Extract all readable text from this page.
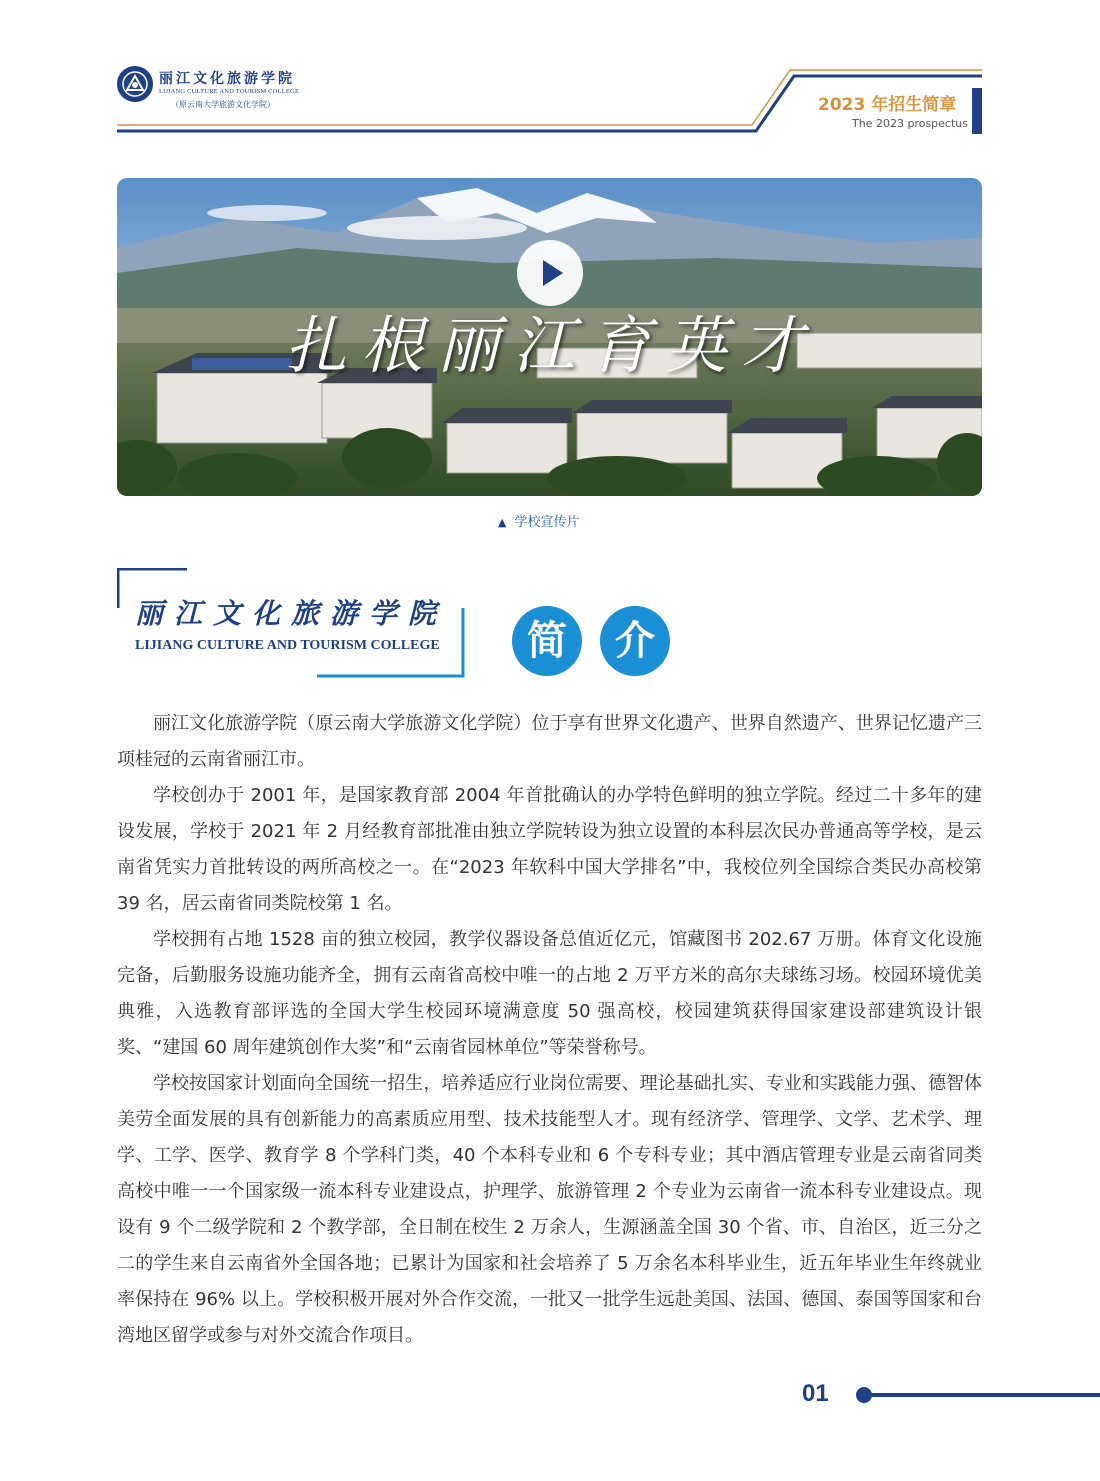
丽江文化旅游学院
LIJIANG CULTURE AND TOURISM COLLEGE
（原云南大学旅游文化学院）	2023 年招生简章
The 2023 prospectus
扎根丽江育英才
▲ 学校宣传片
丽江文化旅游学院
LIJIANG CULTURE AND TOURISM COLLEGE	简	介

丽江文化旅游学院（原云南大学旅游文化学院）位于享有世界文化遗产、世界自然遗产、世界记忆遗产三项桂冠的云南省丽江市。

学校创办于 2001 年，是国家教育部 2004 年首批确认的办学特色鲜明的独立学院。经过二十多年的建设发展，学校于 2021 年 2 月经教育部批准由独立学院转设为独立设置的本科层次民办普通高等学校，是云南省凭实力首批转设的两所高校之一。在“2023 年软科中国大学排名”中，我校位列全国综合类民办高校第 39 名，居云南省同类院校第 1 名。

学校拥有占地 1528 亩的独立校园，教学仪器设备总值近亿元，馆藏图书 202.67 万册。体育文化设施完备，后勤服务设施功能齐全，拥有云南省高校中唯一的占地 2 万平方米的高尔夫球练习场。校园环境优美典雅，入选教育部评选的全国大学生校园环境满意度 50 强高校，校园建筑获得国家建设部建筑设计银奖、“建国 60 周年建筑创作大奖”和“云南省园林单位”等荣誉称号。

学校按国家计划面向全国统一招生，培养适应行业岗位需要、理论基础扎实、专业和实践能力强、德智体美劳全面发展的具有创新能力的高素质应用型、技术技能型人才。现有经济学、管理学、文学、艺术学、理学、工学、医学、教育学 8 个学科门类，40 个本科专业和 6 个专科专业；其中酒店管理专业是云南省同类高校中唯一一个国家级一流本科专业建设点，护理学、旅游管理 2 个专业为云南省一流本科专业建设点。现设有 9 个二级学院和 2 个教学部，全日制在校生 2 万余人，生源涵盖全国 30 个省、市、自治区，近三分之二的学生来自云南省外全国各地；已累计为国家和社会培养了 5 万余名本科毕业生，近五年毕业生年终就业率保持在 96% 以上。学校积极开展对外合作交流，一批又一批学生远赴美国、法国、德国、泰国等国家和台湾地区留学或参与对外交流合作项目。

01
